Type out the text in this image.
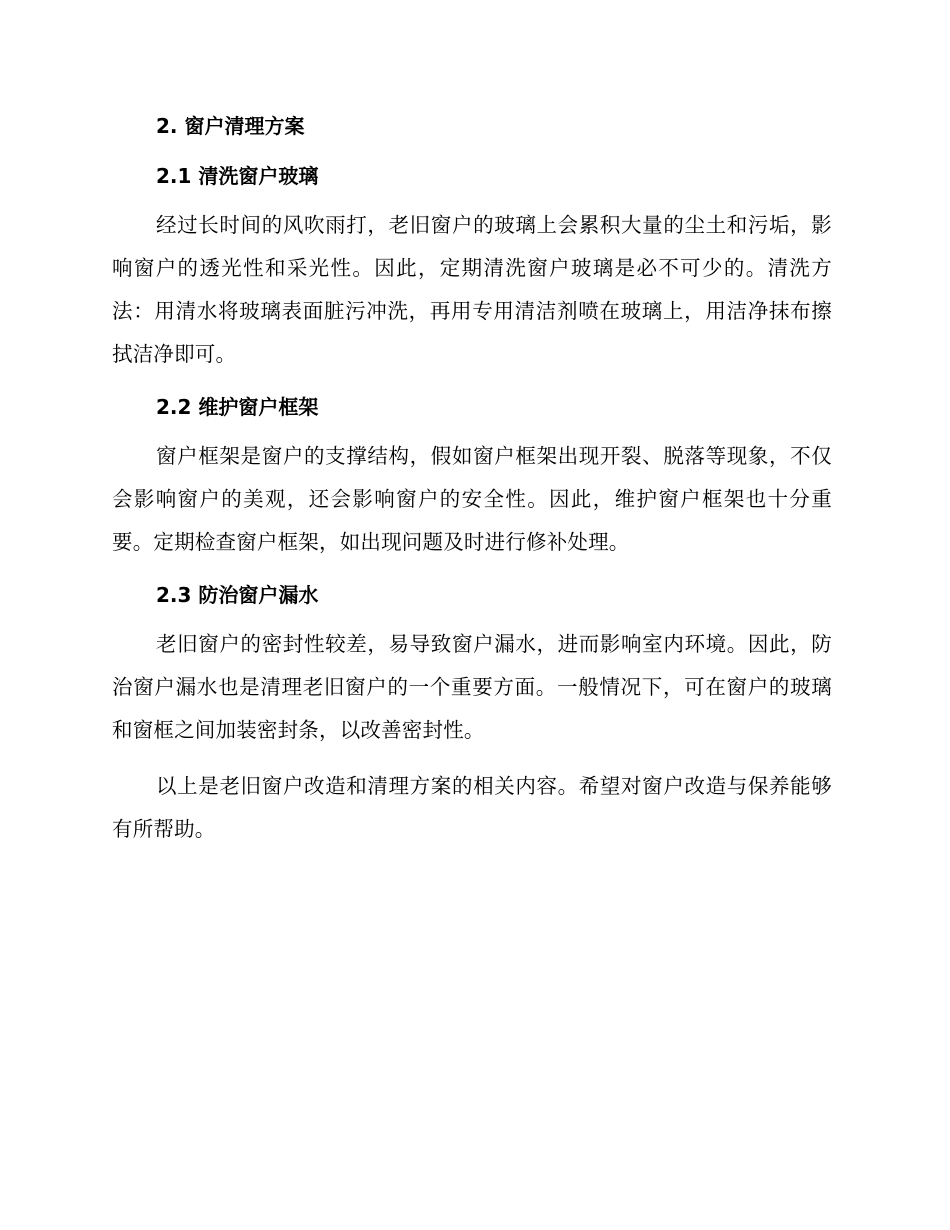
2. 窗户清理方案
2.1 清洗窗户玻璃

经过长时间的风吹雨打，老旧窗户的玻璃上会累积大量的尘土和污垢，影响窗户的透光性和采光性。因此，定期清洗窗户玻璃是必不可少的。清洗方法：用清水将玻璃表面脏污冲洗，再用专用清洁剂喷在玻璃上，用洁净抹布擦拭洁净即可。

2.2 维护窗户框架

窗户框架是窗户的支撑结构，假如窗户框架出现开裂、脱落等现象，不仅会影响窗户的美观，还会影响窗户的安全性。因此，维护窗户框架也十分重要。定期检查窗户框架，如出现问题及时进行修补处理。

2.3 防治窗户漏水

老旧窗户的密封性较差，易导致窗户漏水，进而影响室内环境。因此，防治窗户漏水也是清理老旧窗户的一个重要方面。一般情况下，可在窗户的玻璃和窗框之间加装密封条，以改善密封性。

以上是老旧窗户改造和清理方案的相关内容。希望对窗户改造与保养能够有所帮助。
